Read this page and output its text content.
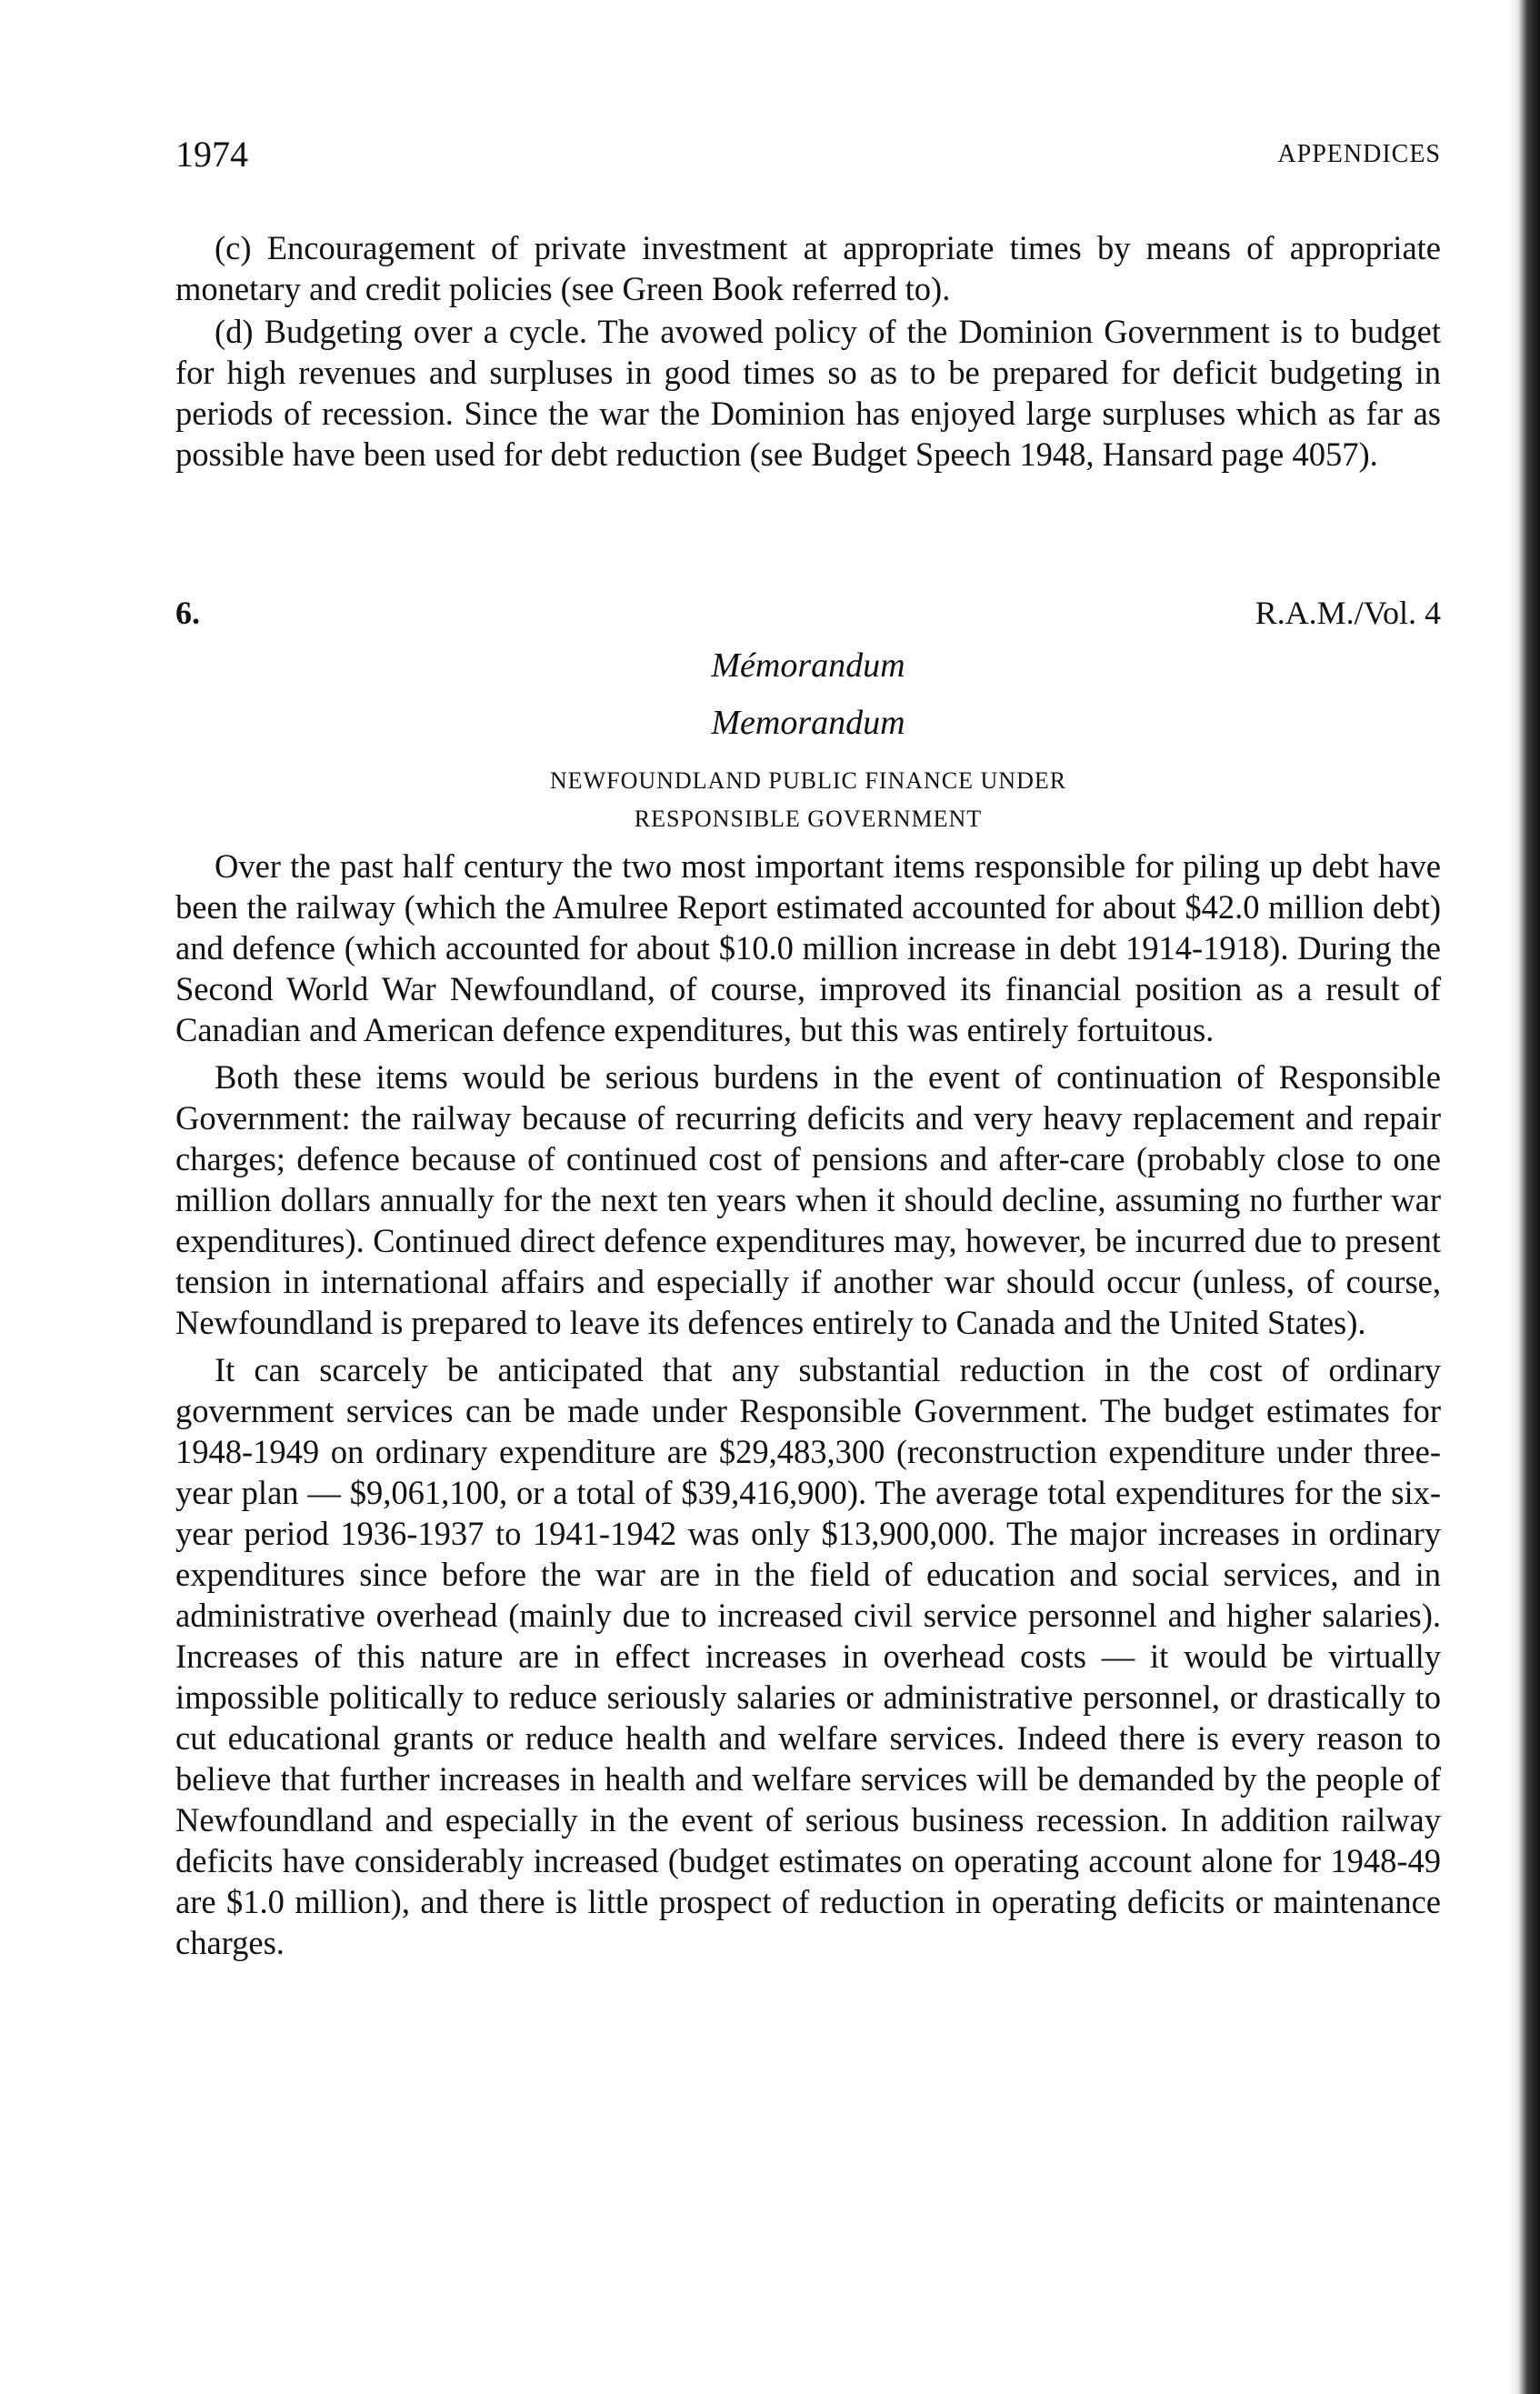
1974	APPENDICES

(c) Encouragement of private investment at appropriate times by means of appropriate monetary and credit policies (see Green Book referred to).

(d) Budgeting over a cycle. The avowed policy of the Dominion Government is to budget for high revenues and surpluses in good times so as to be prepared for deficit budgeting in periods of recession. Since the war the Dominion has enjoyed large surpluses which as far as possible have been used for debt reduction (see Budget Speech 1948, Hansard page 4057).

6.	R.A.M./Vol. 4
Mémorandum
Memorandum
NEWFOUNDLAND PUBLIC FINANCE UNDER
RESPONSIBLE GOVERNMENT

Over the past half century the two most important items responsible for piling up debt have been the railway (which the Amulree Report estimated accounted for about $42.0 million debt) and defence (which accounted for about $10.0 million increase in debt 1914-1918). During the Second World War Newfoundland, of course, improved its financial position as a result of Canadian and American defence expenditures, but this was entirely fortuitous.

Both these items would be serious burdens in the event of continuation of Responsible Government: the railway because of recurring deficits and very heavy replacement and repair charges; defence because of continued cost of pensions and after-care (probably close to one million dollars annually for the next ten years when it should decline, assuming no further war expenditures). Continued direct defence expenditures may, however, be incurred due to present tension in international affairs and especially if another war should occur (unless, of course, Newfoundland is prepared to leave its defences entirely to Canada and the United States).

It can scarcely be anticipated that any substantial reduction in the cost of ordinary government services can be made under Responsible Government. The budget estimates for 1948-1949 on ordinary expenditure are $29,483,300 (reconstruction expenditure under three-year plan — $9,061,100, or a total of $39,416,900). The average total expenditures for the six-year period 1936-1937 to 1941-1942 was only $13,900,000. The major increases in ordinary expenditures since before the war are in the field of education and social services, and in administrative overhead (mainly due to increased civil service personnel and higher salaries). Increases of this nature are in effect increases in overhead costs — it would be virtually impossible politically to reduce seriously salaries or administrative personnel, or drastically to cut educational grants or reduce health and welfare services. Indeed there is every reason to believe that further increases in health and welfare services will be demanded by the people of Newfoundland and especially in the event of serious business recession. In addition railway deficits have considerably increased (budget estimates on operating account alone for 1948-49 are $1.0 million), and there is little prospect of reduction in operating deficits or maintenance charges.
